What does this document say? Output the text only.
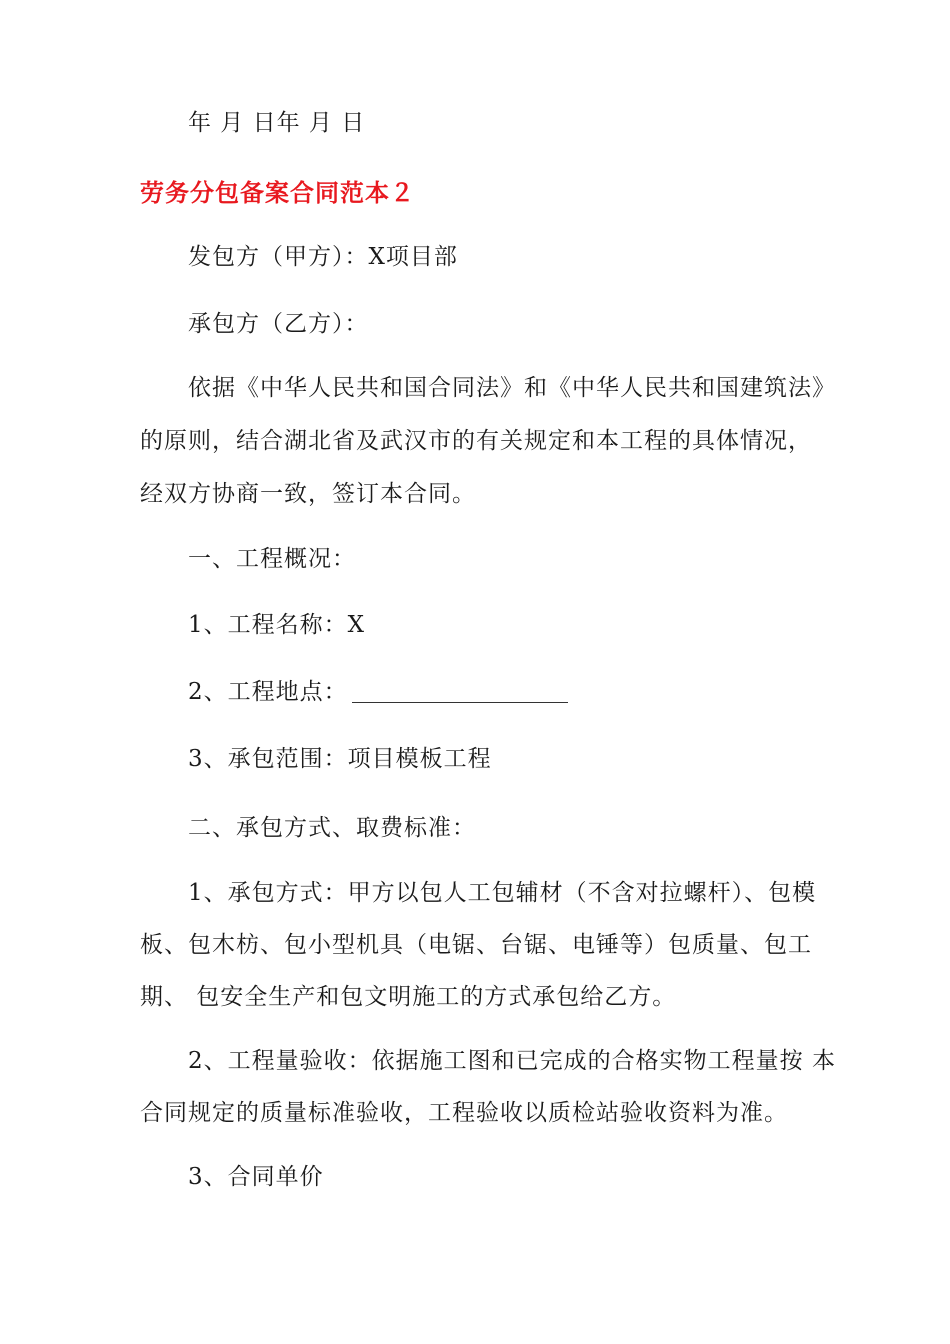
年 月 日年 月 日
劳务分包备案合同范本２
发包方（甲方）：X项目部
承包方（乙方）：
依据《中华人民共和国合同法》和《中华人民共和国建筑法》
的原则，结合湖北省及武汉市的有关规定和本工程的具体情况，
经双方协商一致，签订本合同。
一、工程概况：
1、工程名称：X
2、工程地点：
3、承包范围：项目模板工程
二、承包方式、取费标准：
1、承包方式：甲方以包人工包辅材（不含对拉螺杆）、包模
板、包木枋、包小型机具（电锯、台锯、电锤等）包质量、包工
期、 包安全生产和包文明施工的方式承包给乙方。
2、工程量验收：依据施工图和已完成的合格实物工程量按 本
合同规定的质量标准验收，工程验收以质检站验收资料为准。
3、合同单价
